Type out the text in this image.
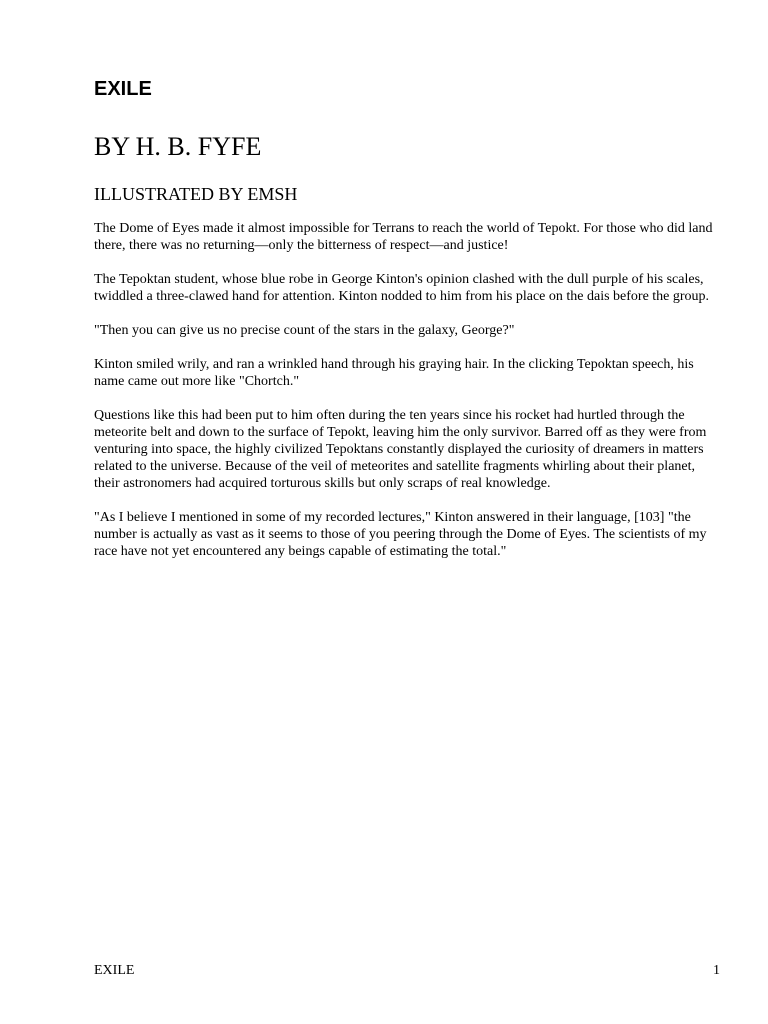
EXILE
BY H. B. FYFE
ILLUSTRATED BY EMSH

The Dome of Eyes made it almost impossible for Terrans to reach the world of Tepokt. For those who did land there, there was no returning—only the bitterness of respect—and justice!

The Tepoktan student, whose blue robe in George Kinton's opinion clashed with the dull purple of his scales, twiddled a three-clawed hand for attention. Kinton nodded to him from his place on the dais before the group.

"Then you can give us no precise count of the stars in the galaxy, George?"

Kinton smiled wrily, and ran a wrinkled hand through his graying hair. In the clicking Tepoktan speech, his name came out more like "Chortch."

Questions like this had been put to him often during the ten years since his rocket had hurtled through the meteorite belt and down to the surface of Tepokt, leaving him the only survivor. Barred off as they were from venturing into space, the highly civilized Tepoktans constantly displayed the curiosity of dreamers in matters related to the universe. Because of the veil of meteorites and satellite fragments whirling about their planet, their astronomers had acquired torturous skills but only scraps of real knowledge.

"As I believe I mentioned in some of my recorded lectures," Kinton answered in their language, [103] "the number is actually as vast as it seems to those of you peering through the Dome of Eyes. The scientists of my race have not yet encountered any beings capable of estimating the total."

EXILE	1
